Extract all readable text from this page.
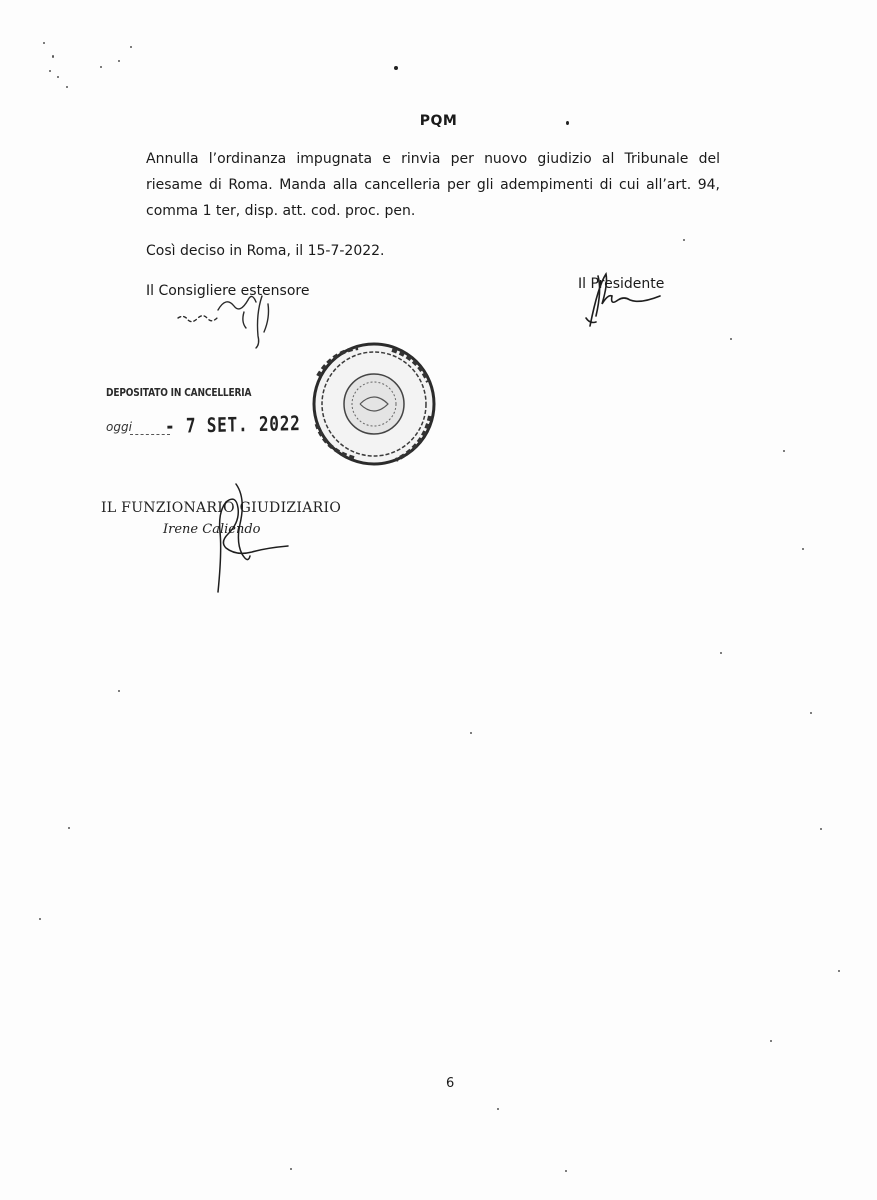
PQM
Annulla l’ordinanza impugnata e rinvia per nuovo giudizio al Tribunale del
riesame di Roma. Manda alla cancelleria per gli adempimenti di cui all’art. 94,
comma 1 ter, disp. att. cod. proc. pen.
Così deciso in Roma, il 15-7-2022.
Il Consigliere estensore	Il Presidente
DEPOSITATO IN CANCELLERIA
oggi - 7 SET. 2022
IL FUNZIONARIO GIUDIZIARIO
Irene Caliendo
6
